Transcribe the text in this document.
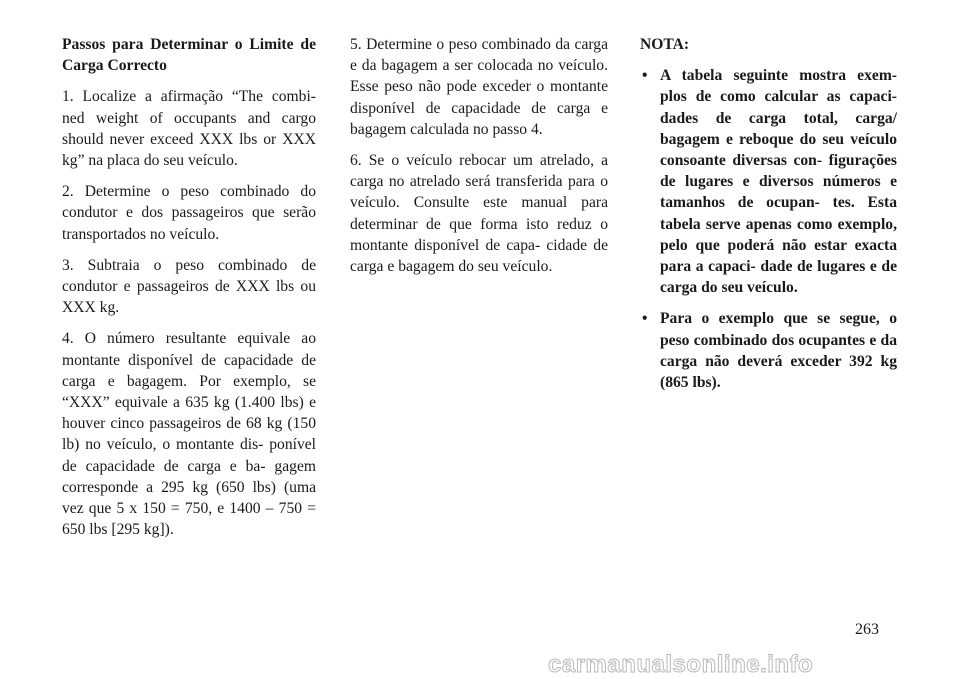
Passos para Determinar o Limite de Carga Correcto

1. Localize a afirmação “The combi- ned weight of occupants and cargo should never exceed XXX lbs or XXX kg” na placa do seu veículo.

2. Determine o peso combinado do condutor e dos passageiros que serão transportados no veículo.

3. Subtraia o peso combinado de condutor e passageiros de XXX lbs ou XXX kg.

4. O número resultante equivale ao montante disponível de capacidade de carga e bagagem. Por exemplo, se “XXX” equivale a 635 kg (1.400 lbs) e houver cinco passageiros de 68 kg (150 lb) no veículo, o montante dis- ponível de capacidade de carga e ba- gagem corresponde a 295 kg (650 lbs) (uma vez que 5 x 150 = 750, e 1400 – 750 = 650 lbs [295 kg]).

5. Determine o peso combinado da carga e da bagagem a ser colocada no veículo. Esse peso não pode exceder o montante disponível de capacidade de carga e bagagem calculada no passo 4.

6. Se o veículo rebocar um atrelado, a carga no atrelado será transferida para o veículo. Consulte este manual para determinar de que forma isto reduz o montante disponível de capa- cidade de carga e bagagem do seu veículo.

NOTA:

• A tabela seguinte mostra exem- plos de como calcular as capaci- dades de carga total, carga/ bagagem e reboque do seu veículo consoante diversas con- figurações de lugares e diversos números e tamanhos de ocupan- tes. Esta tabela serve apenas como exemplo, pelo que poderá não estar exacta para a capaci- dade de lugares e de carga do seu veículo.
• Para o exemplo que se segue, o peso combinado dos ocupantes e da carga não deverá exceder 392 kg (865 lbs).
263
carmanualsonline.info
